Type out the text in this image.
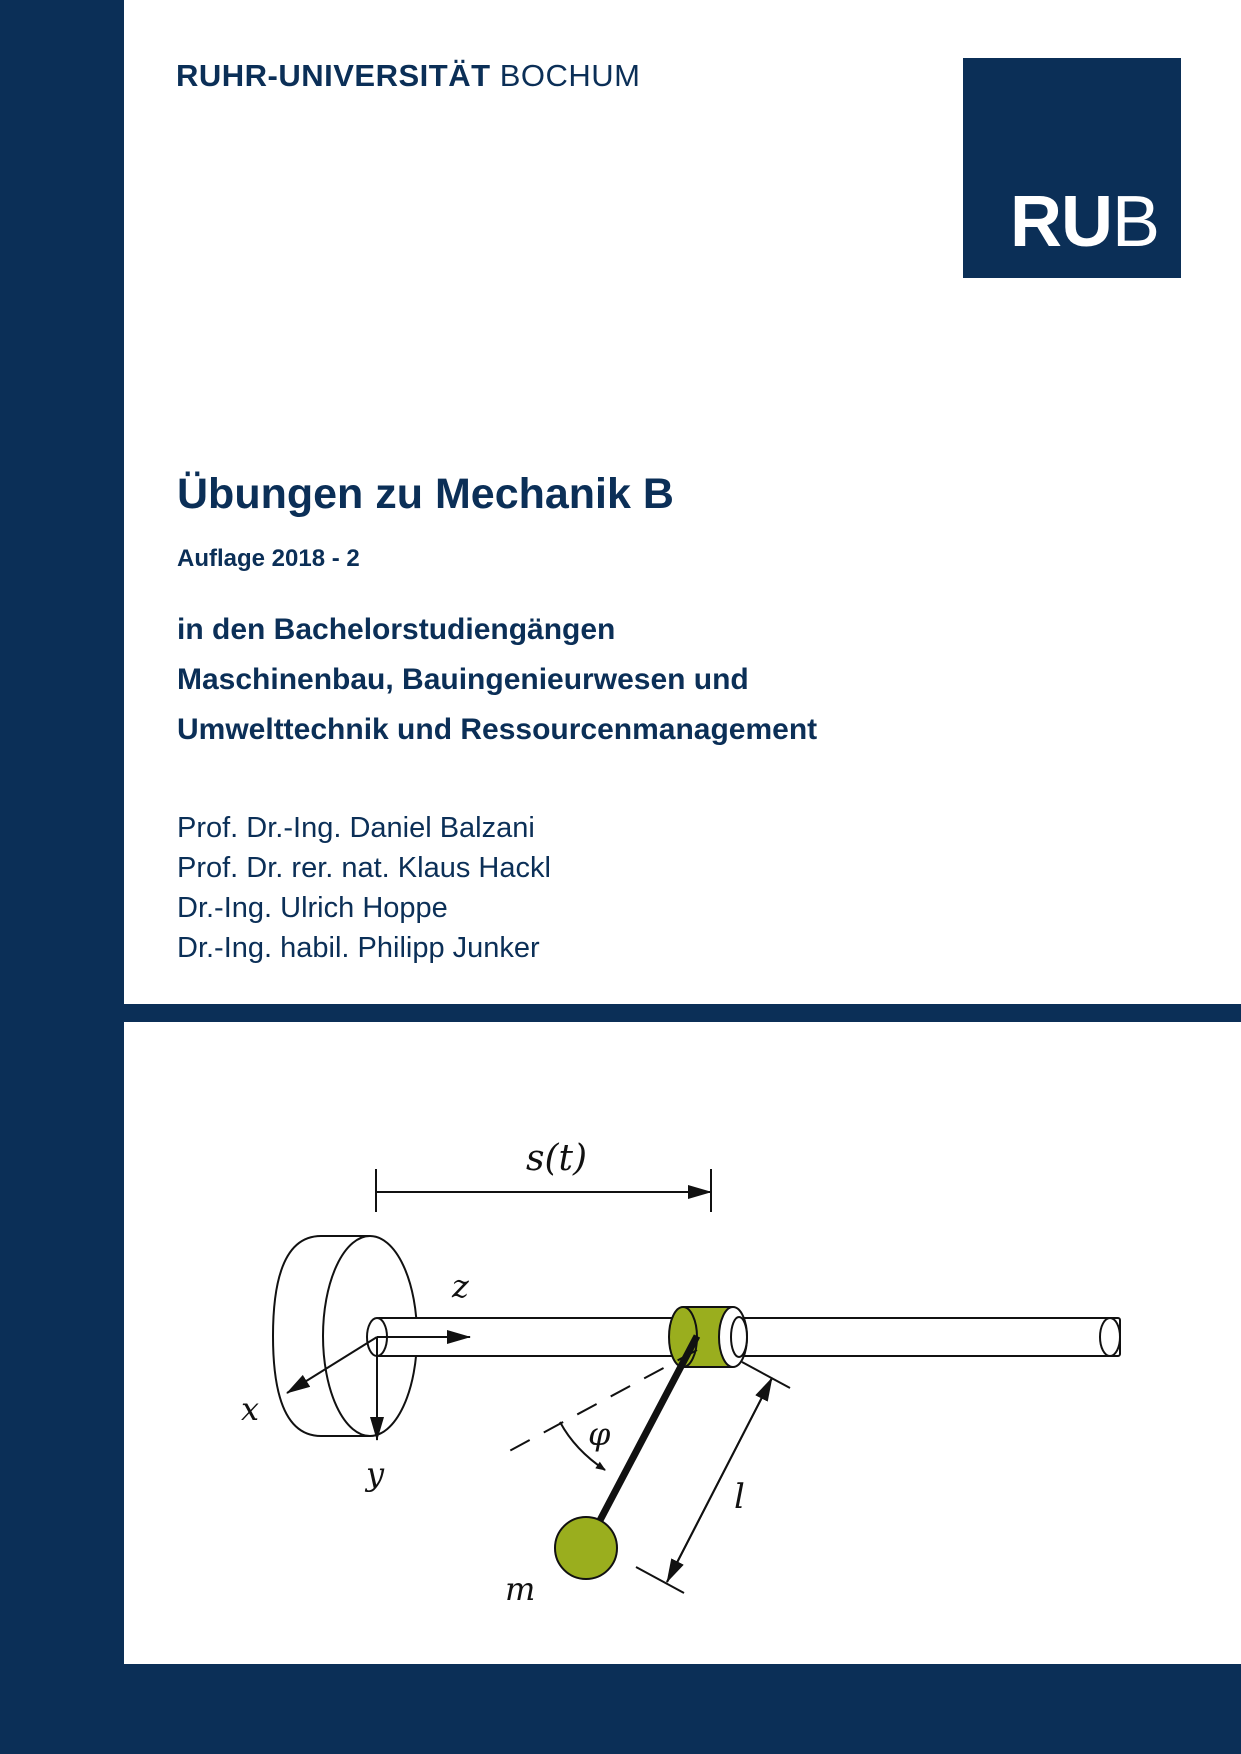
RUHR-UNIVERSITÄT BOCHUM
RUB
Übungen zu Mechanik B
Auflage 2018 - 2
in den Bachelorstudiengängen
Maschinenbau, Bauingenieurwesen und
Umwelttechnik und Ressourcenmanagement
Prof. Dr.-Ing. Daniel Balzani
Prof. Dr. rer. nat. Klaus Hackl
Dr.-Ing. Ulrich Hoppe
Dr.-Ing. habil. Philipp Junker
s(t)
z
x
y
φ
m
l
